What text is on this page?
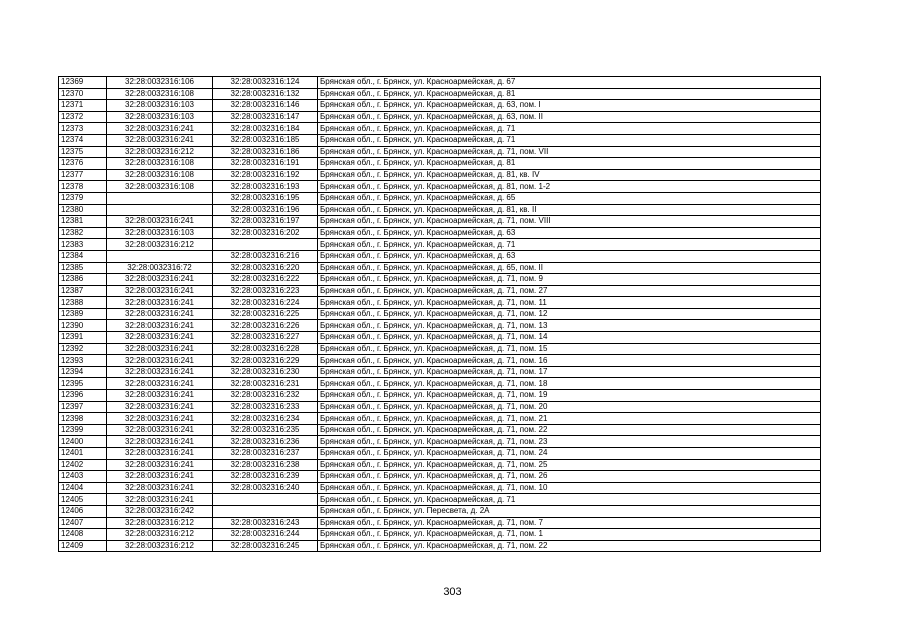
12369	32:28:0032316:106	32:28:0032316:124	Брянская обл., г. Брянск, ул. Красноармейская, д. 67
12370	32:28:0032316:108	32:28:0032316:132	Брянская обл., г. Брянск, ул. Красноармейская, д. 81
12371	32:28:0032316:103	32:28:0032316:146	Брянская обл., г. Брянск, ул. Красноармейская, д. 63, пом. I
12372	32:28:0032316:103	32:28:0032316:147	Брянская обл., г. Брянск, ул. Красноармейская, д. 63, пом. II
12373	32:28:0032316:241	32:28:0032316:184	Брянская обл., г. Брянск, ул. Красноармейская, д. 71
12374	32:28:0032316:241	32:28:0032316:185	Брянская обл., г. Брянск, ул. Красноармейская, д. 71
12375	32:28:0032316:212	32:28:0032316:186	Брянская обл., г. Брянск, ул. Красноармейская, д. 71, пом. VII
12376	32:28:0032316:108	32:28:0032316:191	Брянская обл., г. Брянск, ул. Красноармейская, д. 81
12377	32:28:0032316:108	32:28:0032316:192	Брянская обл., г. Брянск, ул. Красноармейская, д. 81, кв. IV
12378	32:28:0032316:108	32:28:0032316:193	Брянская обл., г. Брянск, ул. Красноармейская, д. 81, пом. 1-2
12379		32:28:0032316:195	Брянская обл., г. Брянск, ул. Красноармейская, д. 65
12380		32:28:0032316:196	Брянская обл., г. Брянск, ул. Красноармейская, д. 81, кв. II
12381	32:28:0032316:241	32:28:0032316:197	Брянская обл., г. Брянск, ул. Красноармейская, д. 71, пом. VIII
12382	32:28:0032316:103	32:28:0032316:202	Брянская обл., г. Брянск, ул. Красноармейская, д. 63
12383	32:28:0032316:212		Брянская обл., г. Брянск, ул. Красноармейская, д. 71
12384		32:28:0032316:216	Брянская обл., г. Брянск, ул. Красноармейская, д. 63
12385	32:28:0032316:72	32:28:0032316:220	Брянская обл., г. Брянск, ул. Красноармейская, д. 65, пом. II
12386	32:28:0032316:241	32:28:0032316:222	Брянская обл., г. Брянск, ул. Красноармейская, д. 71, пом. 9
12387	32:28:0032316:241	32:28:0032316:223	Брянская обл., г. Брянск, ул. Красноармейская, д. 71, пом. 27
12388	32:28:0032316:241	32:28:0032316:224	Брянская обл., г. Брянск, ул. Красноармейская, д. 71, пом. 11
12389	32:28:0032316:241	32:28:0032316:225	Брянская обл., г. Брянск, ул. Красноармейская, д. 71, пом. 12
12390	32:28:0032316:241	32:28:0032316:226	Брянская обл., г. Брянск, ул. Красноармейская, д. 71, пом. 13
12391	32:28:0032316:241	32:28:0032316:227	Брянская обл., г. Брянск, ул. Красноармейская, д. 71, пом. 14
12392	32:28:0032316:241	32:28:0032316:228	Брянская обл., г. Брянск, ул. Красноармейская, д. 71, пом. 15
12393	32:28:0032316:241	32:28:0032316:229	Брянская обл., г. Брянск, ул. Красноармейская, д. 71, пом. 16
12394	32:28:0032316:241	32:28:0032316:230	Брянская обл., г. Брянск, ул. Красноармейская, д. 71, пом. 17
12395	32:28:0032316:241	32:28:0032316:231	Брянская обл., г. Брянск, ул. Красноармейская, д. 71, пом. 18
12396	32:28:0032316:241	32:28:0032316:232	Брянская обл., г. Брянск, ул. Красноармейская, д. 71, пом. 19
12397	32:28:0032316:241	32:28:0032316:233	Брянская обл., г. Брянск, ул. Красноармейская, д. 71, пом. 20
12398	32:28:0032316:241	32:28:0032316:234	Брянская обл., г. Брянск, ул. Красноармейская, д. 71, пом. 21
12399	32:28:0032316:241	32:28:0032316:235	Брянская обл., г. Брянск, ул. Красноармейская, д. 71, пом. 22
12400	32:28:0032316:241	32:28:0032316:236	Брянская обл., г. Брянск, ул. Красноармейская, д. 71, пом. 23
12401	32:28:0032316:241	32:28:0032316:237	Брянская обл., г. Брянск, ул. Красноармейская, д. 71, пом. 24
12402	32:28:0032316:241	32:28:0032316:238	Брянская обл., г. Брянск, ул. Красноармейская, д. 71, пом. 25
12403	32:28:0032316:241	32:28:0032316:239	Брянская обл., г. Брянск, ул. Красноармейская, д. 71, пом. 26
12404	32:28:0032316:241	32:28:0032316:240	Брянская обл., г. Брянск, ул. Красноармейская, д. 71, пом. 10
12405	32:28:0032316:241		Брянская обл., г. Брянск, ул. Красноармейская, д. 71
12406	32:28:0032316:242		Брянская обл., г. Брянск, ул. Пересвета, д. 2А
12407	32:28:0032316:212	32:28:0032316:243	Брянская обл., г. Брянск, ул. Красноармейская, д. 71, пом. 7
12408	32:28:0032316:212	32:28:0032316:244	Брянская обл., г. Брянск, ул. Красноармейская, д. 71, пом. 1
12409	32:28:0032316:212	32:28:0032316:245	Брянская обл., г. Брянск, ул. Красноармейская, д. 71, пом. 22
303
